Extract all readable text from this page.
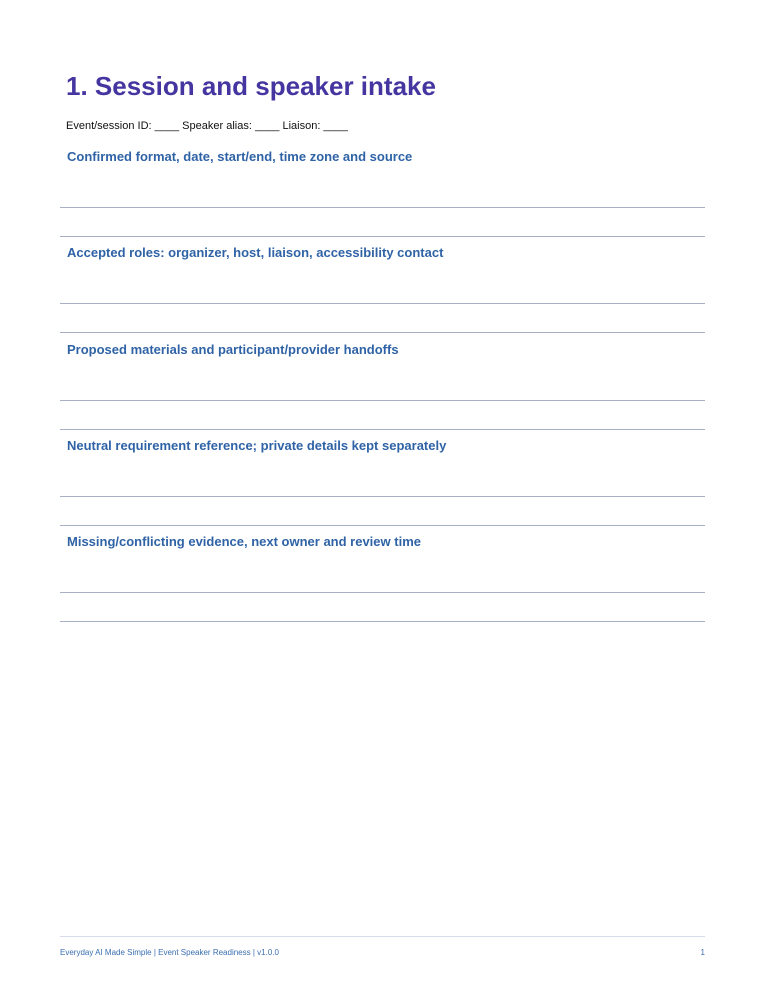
1. Session and speaker intake
Event/session ID: ____ Speaker alias: ____ Liaison: ____
Confirmed format, date, start/end, time zone and source
Accepted roles: organizer, host, liaison, accessibility contact
Proposed materials and participant/provider handoffs
Neutral requirement reference; private details kept separately
Missing/conflicting evidence, next owner and review time
Everyday AI Made Simple | Event Speaker Readiness | v1.0.0	1
